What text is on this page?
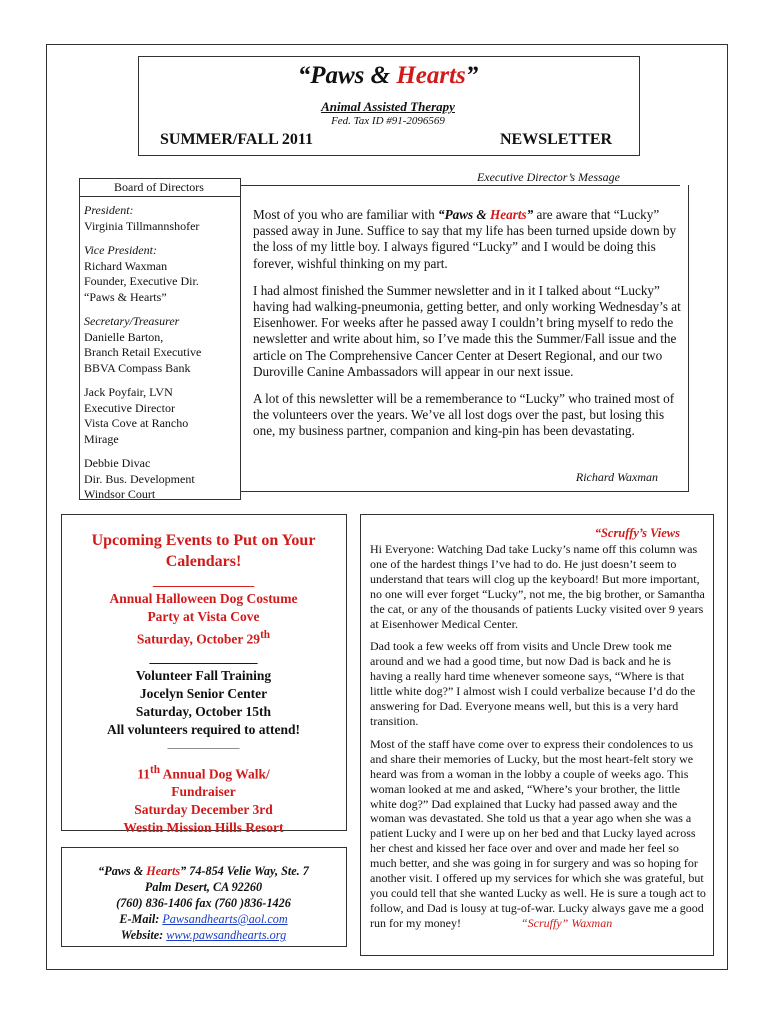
“Paws & Hearts”
Animal Assisted Therapy
Fed. Tax ID #91-2096569
SUMMER/FALL 2011	NEWSLETTER
Board of Directors

President:
Virginia Tillmannshofer

Vice President:
Richard Waxman
Founder, Executive Dir.
“Paws & Hearts”

Secretary/Treasurer
Danielle Barton,
Branch Retail Executive
BBVA Compass Bank

Jack Poyfair, LVN
Executive Director
Vista Cove at Rancho
Mirage

Debbie Divac
Dir. Bus. Development
Windsor Court

Executive Director’s Message

Most of you who are familiar with “Paws & Hearts” are aware that “Lucky” passed away in June. Suffice to say that my life has been turned upside down by the loss of my little boy. I always figured “Lucky” and I would be doing this forever, wishful thinking on my part.

I had almost finished the Summer newsletter and in it I talked about “Lucky” having had walking-pneumonia, getting better, and only working Wednesday’s at Eisenhower. For weeks after he passed away I couldn’t bring myself to redo the newsletter and write about him, so I’ve made this the Summer/Fall issue and the article on The Comprehensive Cancer Center at Desert Regional, and our two Duroville Canine Ambassadors will appear in our next issue.

A lot of this newsletter will be a rememberance to “Lucky” who trained most of the volunteers over the years. We’ve all lost dogs over the past, but losing this one, my business partner, companion and king-pin has been devastating.

Richard Waxman
Upcoming Events to Put on Your
Calendars!
_______________
Annual Halloween Dog Costume
Party at Vista Cove
Saturday, October 29th
________________
Volunteer Fall Training
Jocelyn Senior Center
Saturday, October 15th
All volunteers required to attend!
________________
11th Annual Dog Walk/
Fundraiser
Saturday December 3rd
Westin Mission Hills Resort
“Paws & Hearts” 74-854 Velie Way, Ste. 7
Palm Desert, CA 92260
(760) 836-1406 fax (760 )836-1426
E-Mail: Pawsandhearts@aol.com
Website: www.pawsandhearts.org
“Scruffy’s Views

Hi Everyone: Watching Dad take Lucky’s name off this column was one of the hardest things I’ve had to do. He just doesn’t seem to understand that tears will clog up the keyboard! But more important, no one will ever forget “Lucky”, not me, the big brother, or Samantha the cat, or any of the thousands of patients Lucky visited over 9 years at Eisenhower Medical Center.

Dad took a few weeks off from visits and Uncle Drew took me around and we had a good time, but now Dad is back and he is having a really hard time whenever someone says, “Where is that little white dog?” I almost wish I could verbalize because I’d do the answering for Dad. Everyone means well, but this is a very hard transition.

Most of the staff have come over to express their condolences to us and share their memories of Lucky, but the most heart-felt story we heard was from a woman in the lobby a couple of weeks ago. This woman looked at me and asked, “Where’s your brother, the little white dog?” Dad explained that Lucky had passed away and the woman was devastated. She told us that a year ago when she was a patient Lucky and I were up on her bed and that Lucky layed across her chest and kissed her face over and over and made her feel so much better, and she was going in for surgery and was so hoping for another visit. I offered up my services for which she was grateful, but you could tell that she wanted Lucky as well. He is sure a tough act to follow, and Dad is lousy at tug-of-war. Lucky always gave me a good run for my money!	“Scruffy” Waxman
